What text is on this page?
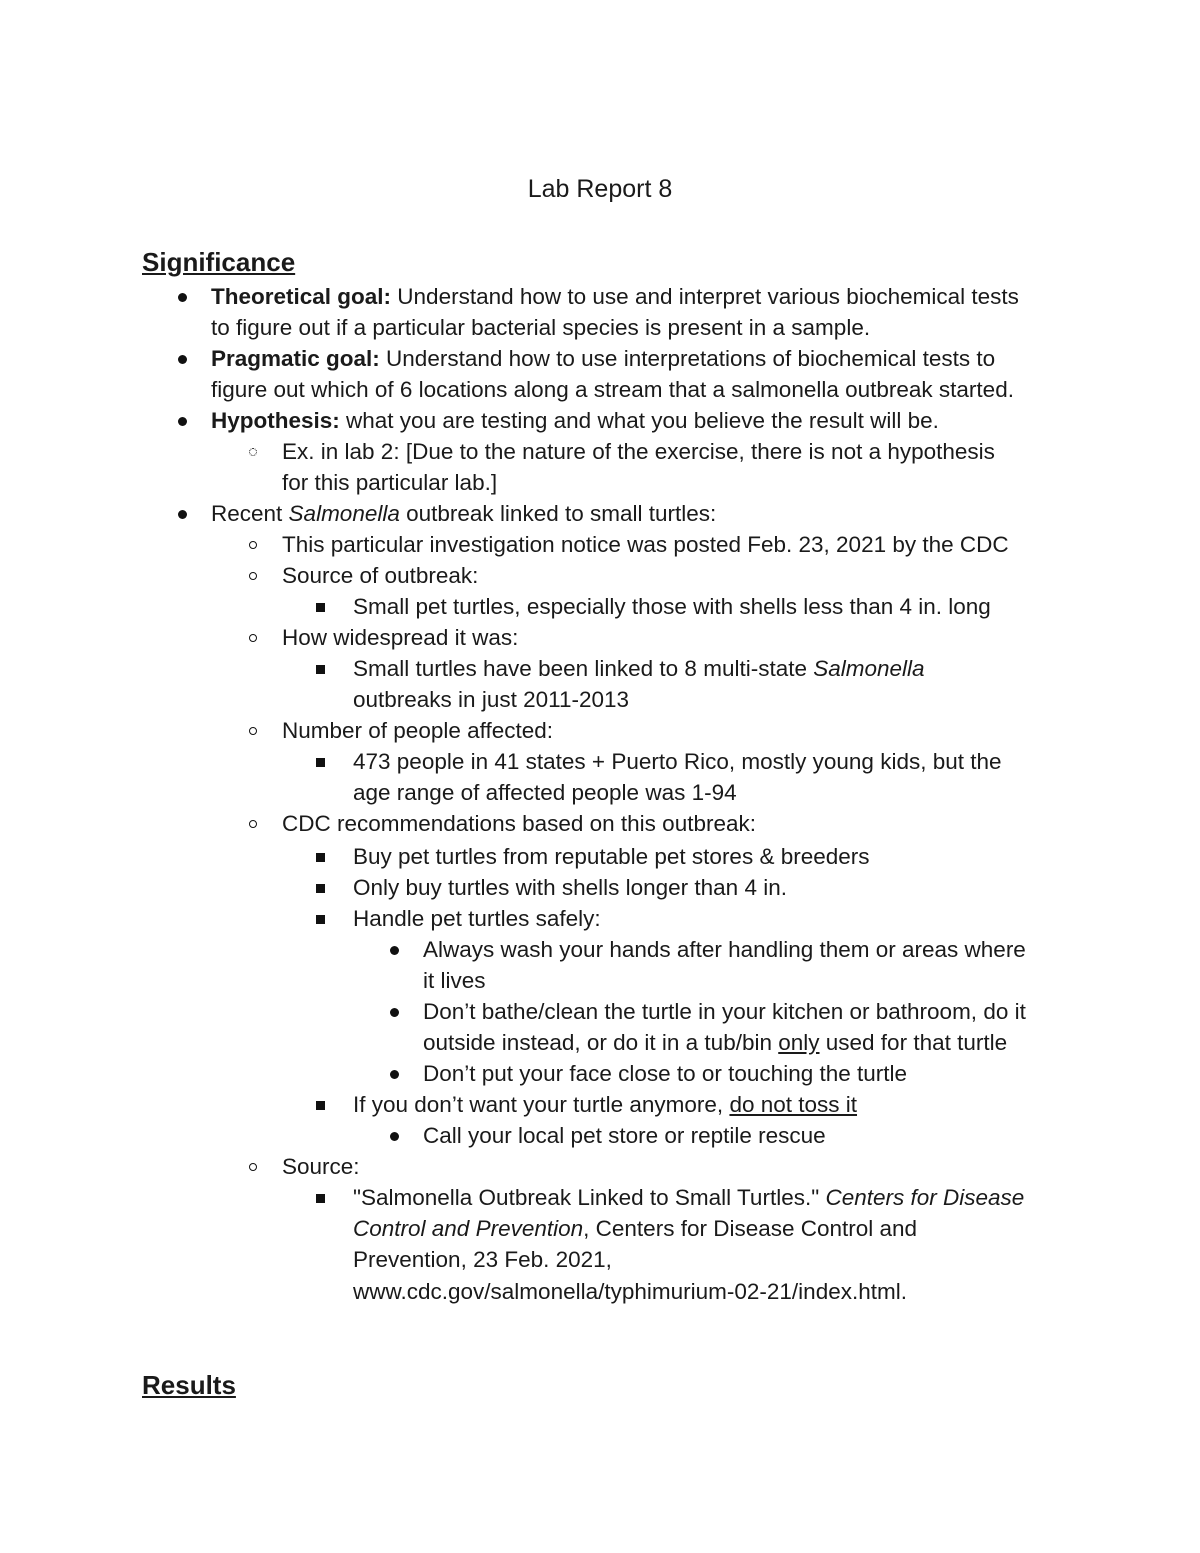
Lab Report 8
Significance
Theoretical goal: Understand how to use and interpret various biochemical tests
to figure out if a particular bacterial species is present in a sample.
Pragmatic goal: Understand how to use interpretations of biochemical tests to
figure out which of 6 locations along a stream that a salmonella outbreak started.
Hypothesis: what you are testing and what you believe the result will be.
Ex. in lab 2: [Due to the nature of the exercise, there is not a hypothesis
for this particular lab.]
Recent Salmonella outbreak linked to small turtles:
This particular investigation notice was posted Feb. 23, 2021 by the CDC
Source of outbreak:
Small pet turtles, especially those with shells less than 4 in. long
How widespread it was:
Small turtles have been linked to 8 multi-state Salmonella
outbreaks in just 2011-2013
Number of people affected:
473 people in 41 states + Puerto Rico, mostly young kids, but the
age range of affected people was 1-94
CDC recommendations based on this outbreak:
Buy pet turtles from reputable pet stores & breeders
Only buy turtles with shells longer than 4 in.
Handle pet turtles safely:
Always wash your hands after handling them or areas where
it lives
Don’t bathe/clean the turtle in your kitchen or bathroom, do it
outside instead, or do it in a tub/bin only used for that turtle
Don’t put your face close to or touching the turtle
If you don’t want your turtle anymore, do not toss it
Call your local pet store or reptile rescue
Source:
"Salmonella Outbreak Linked to Small Turtles." Centers for Disease
Control and Prevention, Centers for Disease Control and
Prevention, 23 Feb. 2021,
www.cdc.gov/salmonella/typhimurium-02-21/index.html.
Results
